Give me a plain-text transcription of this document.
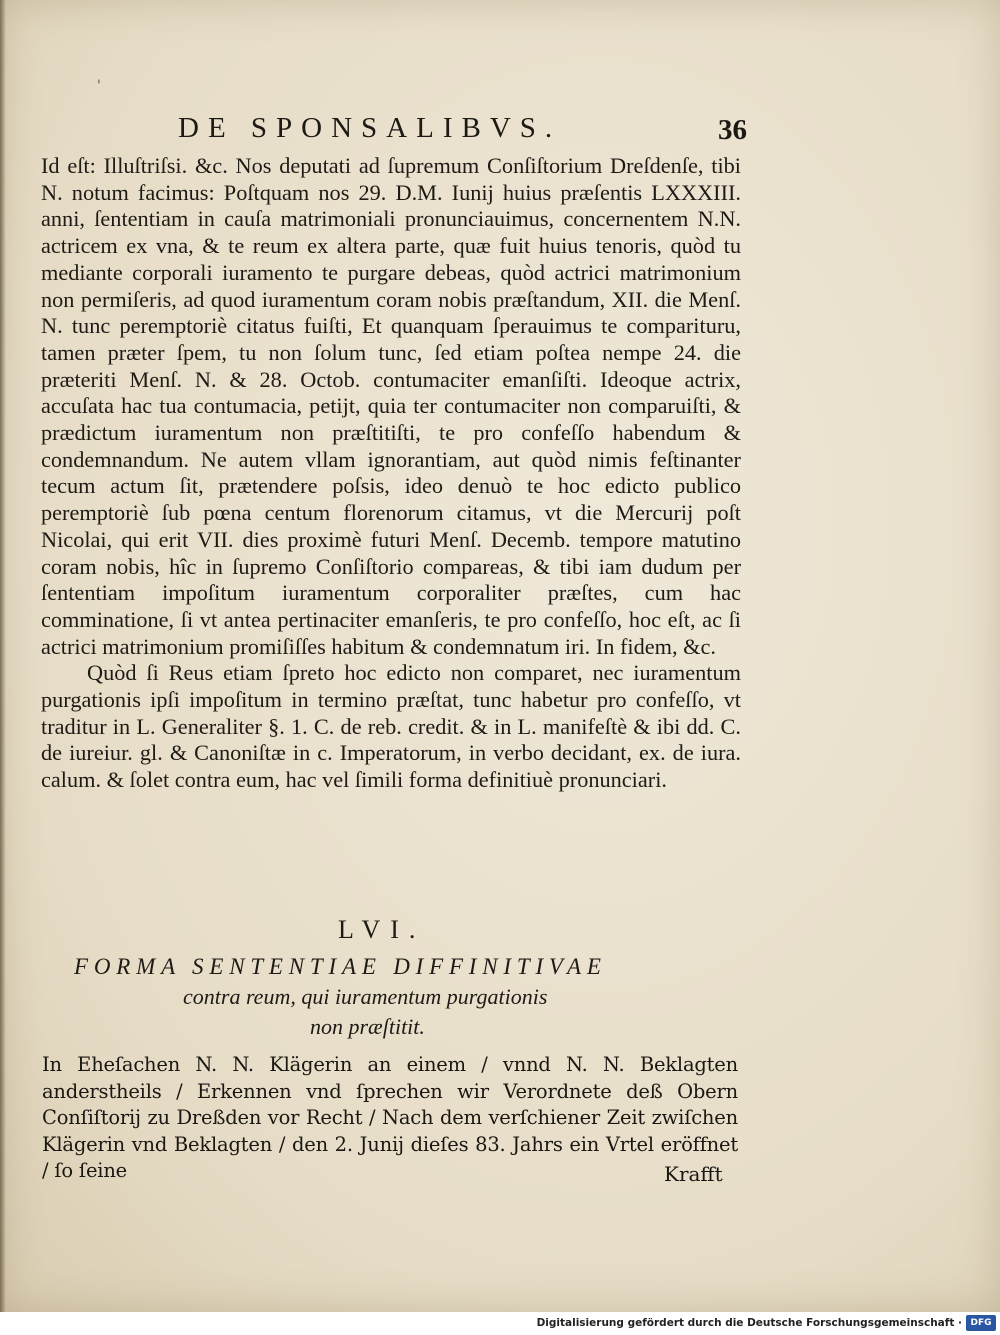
'
DE SPONSALIBVS.	36

Id eſt: Illuſtriſsi. &c. Nos deputati ad ſupremum Conſiſtorium Dreſdenſe, tibi N. notum facimus: Poſtquam nos 29. D.M. Iunij huius præſentis LXXXIII. anni, ſententiam in cauſa matrimoniali pronunciauimus, concernentem N.N. actricem ex vna, & te reum ex altera parte, quæ fuit huius tenoris, quòd tu mediante corporali iuramento te purgare debeas, quòd actrici matrimonium non permiſeris, ad quod iuramentum coram nobis præſtandum, XII. die Menſ. N. tunc peremptoriè citatus fuiſti, Et quanquam ſperauimus te comparituru, tamen præter ſpem, tu non ſolum tunc, ſed etiam poſtea nempe 24. die præteriti Menſ. N. & 28. Octob. contumaciter emanſiſti. Ideoque actrix, accuſata hac tua contumacia, petijt, quia ter contumaciter non comparuiſti, & prædictum iuramentum non præſtitiſti, te pro confeſſo habendum & condemnandum. Ne autem vllam ignorantiam, aut quòd nimis feſtinanter tecum actum ſit, prætendere poſsis, ideo denuò te hoc edicto publico peremptoriè ſub pœna centum florenorum citamus, vt die Mercurij poſt Nicolai, qui erit VII. dies proximè futuri Menſ. Decemb. tempore matutino coram nobis, hîc in ſupremo Conſiſtorio compareas, & tibi iam dudum per ſententiam impoſitum iuramentum corporaliter præſtes, cum hac comminatione, ſi vt antea pertinaciter emanſeris, te pro confeſſo, hoc eſt, ac ſi actrici matrimonium promiſiſſes habitum & condemnatum iri. In fidem, &c.

Quòd ſi Reus etiam ſpreto hoc edicto non comparet, nec iuramentum purgationis ipſi impoſitum in termino præſtat, tunc habetur pro confeſſo, vt traditur in L. Generaliter §. 1. C. de reb. credit. & in L. manifeſtè & ibi dd. C. de iureiur. gl. & Canoniſtæ in c. Imperatorum, in verbo decidant, ex. de iura. calum. & ſolet contra eum, hac vel ſimili forma definitiuè pronunciari.

LVI.
FORMA SENTENTIAE DIFFINITIVAE
contra reum, qui iuramentum purgationis
non præſtitit.
In Eheſachen N. N. Klägerin an einem / vnnd N. N. Beklagten anderstheils / Erkennen vnd ſprechen wir Verordnete deß Obern Conſiſtorij zu Dreßden vor Recht / Nach dem verſchiener Zeit zwiſchen Klägerin vnd Beklagten / den 2. Junij dieſes 83. Jahrs ein Vrtel eröffnet / ſo ſeine	Krafft
Digitalisierung gefördert durch die Deutsche Forschungsgemeinschaft · DFG
